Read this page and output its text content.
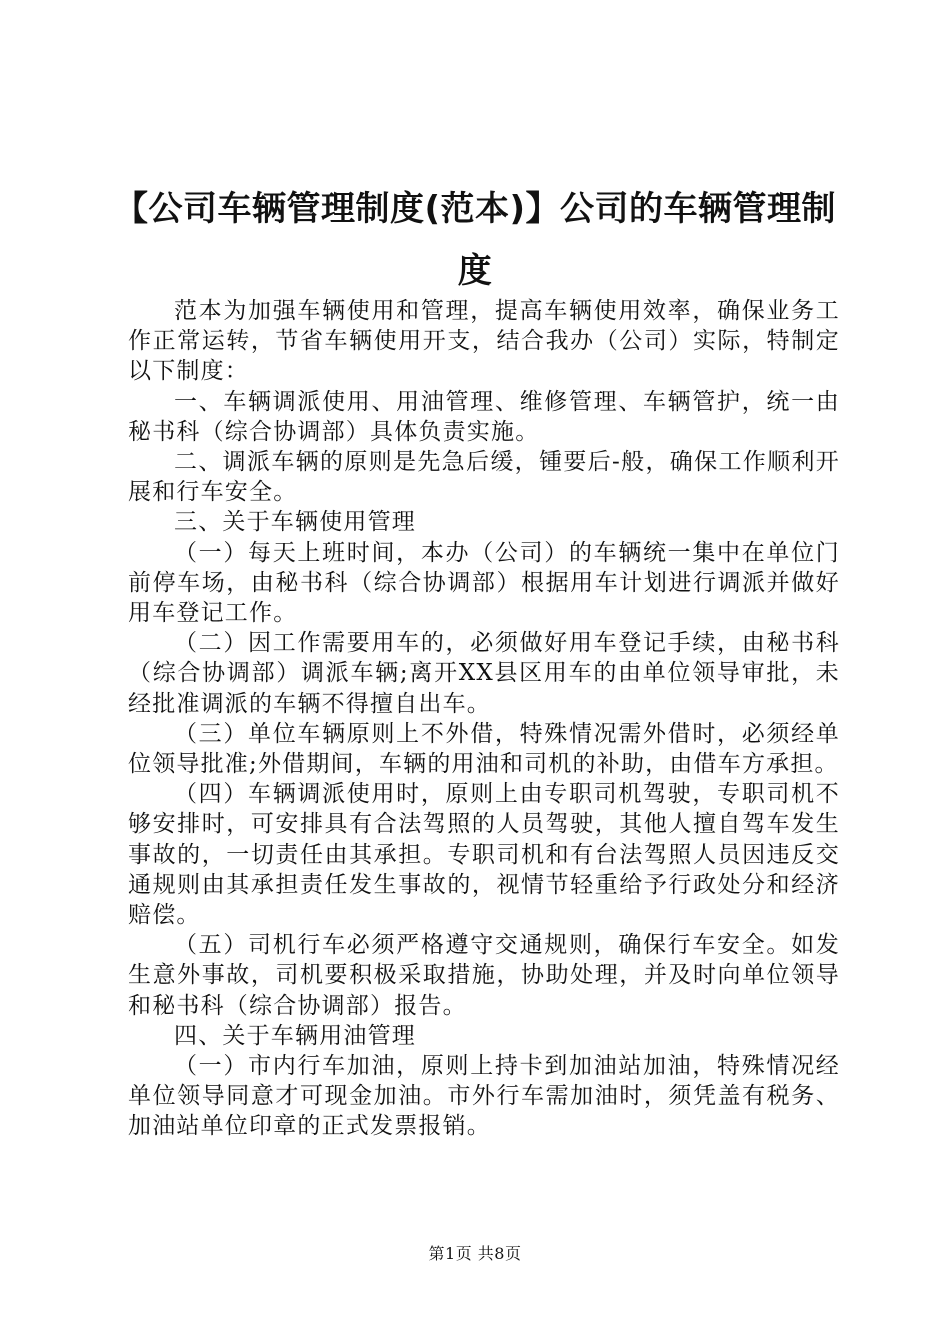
【公司车辆管理制度(范本)】公司的车辆管理制度

范本为加强车辆使用和管理，提高车辆使用效率，确保业务工作正常运转，节省车辆使用开支，结合我办（公司）实际，特制定以下制度：

一、车辆调派使用、用油管理、维修管理、车辆管护，统一由秘书科（综合协调部）具体负责实施。

二、调派车辆的原则是先急后缓，锺要后-般，确保工作顺利开展和行车安全。

三、关于车辆使用管理

（一）每天上班时间，本办（公司）的车辆统一集中在单位门前停车场，由秘书科（综合协调部）根据用车计划进行调派并做好用车登记工作。

（二）因工作需要用车的，必须做好用车登记手续，由秘书科（综合协调部）调派车辆;离开XX县区用车的由单位领导审批，未经批准调派的车辆不得擅自出车。

（三）单位车辆原则上不外借，特殊情况需外借时，必须经单位领导批准;外借期间，车辆的用油和司机的补助，由借车方承担。

（四）车辆调派使用时，原则上由专职司机驾驶，专职司机不够安排时，可安排具有合法驾照的人员驾驶，其他人擅自驾车发生事故的，一切责任由其承担。专职司机和有台法驾照人员因违反交通规则由其承担责任发生事故的，视情节轻重给予行政处分和经济赔偿。

（五）司机行车必须严格遵守交通规则，确保行车安全。如发生意外事故，司机要积极采取措施，协助处理，并及时向单位领导和秘书科（综合协调部）报告。

四、关于车辆用油管理

（一）市内行车加油，原则上持卡到加油站加油，特殊情况经单位领导同意才可现金加油。市外行车需加油时，须凭盖有税务、加油站单位印章的正式发票报销。

第1页 共8页
